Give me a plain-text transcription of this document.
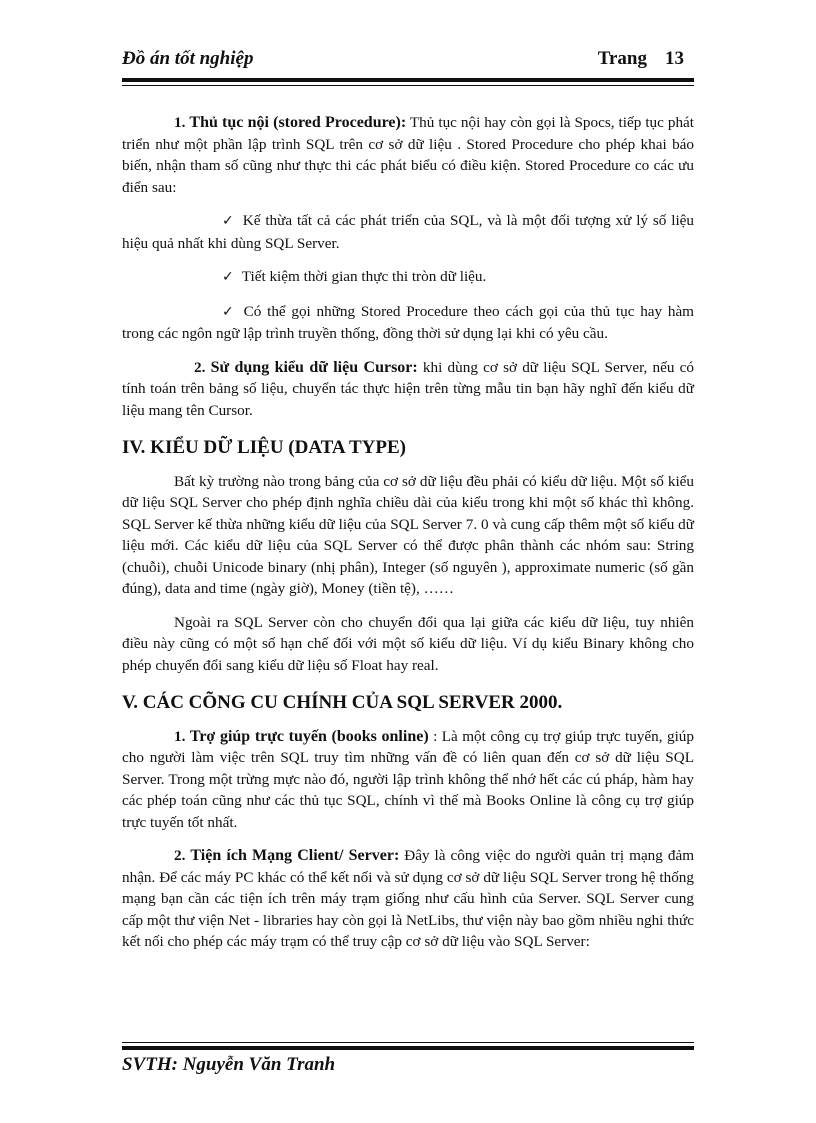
Đồ án tốt nghiệp	Trang 13

1. Thủ tục nội (stored Procedure): Thủ tục nội hay còn gọi là Spocs, tiếp tục phát triển như một phần lập trình SQL trên cơ sở dữ liệu . Stored Procedure cho phép khai báo biến, nhận tham số cũng như thực thi các phát biểu có điều kiện. Stored Procedure co các ưu điển sau:

✓ Kế thừa tất cả các phát triển của SQL, và là một đối tượng xử lý số liệu hiệu quả nhất khi dùng SQL Server.

✓ Tiết kiệm thời gian thực thi tròn dữ liệu.

✓ Có thể gọi những Stored Procedure theo cách gọi của thủ tục hay hàm trong các ngôn ngữ lập trình truyền thống, đồng thời sử dụng lại khi có yêu cầu.

2. Sử dụng kiểu dữ liệu Cursor: khi dùng cơ sở dữ liệu SQL Server, nếu có tính toán trên bảng số liệu, chuyển tác thực hiện trên từng mẫu tin bạn hãy nghĩ đến kiểu dữ liệu mang tên Cursor.

IV. KIỂU DỮ LIỆU (DATA TYPE)

Bất kỳ trường nào trong bảng của cơ sở dữ liệu đều phải có kiểu dữ liệu. Một số kiểu dữ liệu SQL Server cho phép định nghĩa chiều dài của kiểu trong khi một số khác thì không. SQL Server kế thừa những kiểu dữ liệu của SQL Server 7. 0 và cung cấp thêm một số kiểu dữ liệu mới. Các kiểu dữ liệu của SQL Server có thể được phân thành các nhóm sau: String (chuỗi), chuỗi Unicode binary (nhị phân), Integer (số nguyên ), approximate numeric (số gần đúng), data and time (ngày giờ), Money (tiền tệ), ……

Ngoài ra SQL Server còn cho chuyển đổi qua lại giữa các kiểu dữ liệu, tuy nhiên điều này cũng có một số hạn chế đối với một số kiểu dữ liệu. Ví dụ kiểu Binary không cho phép chuyển đổi sang kiểu dữ liệu số Float hay real.

V. CÁC CÕNG CU CHÍNH CỦA SQL SERVER 2000.

1. Trợ giúp trực tuyến (books online) : Là một công cụ trợ giúp trực tuyến, giúp cho người làm việc trên SQL truy tìm những vấn đề có liên quan đến cơ sở dữ liệu SQL Server. Trong một trừng mực nào đó, người lập trình không thể nhớ hết các cú pháp, hàm hay các phép toán cũng như các thủ tục SQL, chính vì thế mà Books Online là công cụ trợ giúp trực tuyến tốt nhất.

2. Tiện ích Mạng Client/ Server: Đây là công việc do người quản trị mạng đảm nhận. Để các máy PC khác có thể kết nối và sử dụng cơ sở dữ liệu SQL Server trong hệ thống mạng bạn cần các tiện ích trên máy trạm giống như cấu hình của Server. SQL Server cung cấp một thư viện Net - libraries hay còn gọi là NetLibs, thư viện này bao gồm nhiều nghi thức kết nối cho phép các máy trạm có thể truy cập cơ sở dữ liệu vào SQL Server:

SVTH: Nguyễn Văn Tranh
